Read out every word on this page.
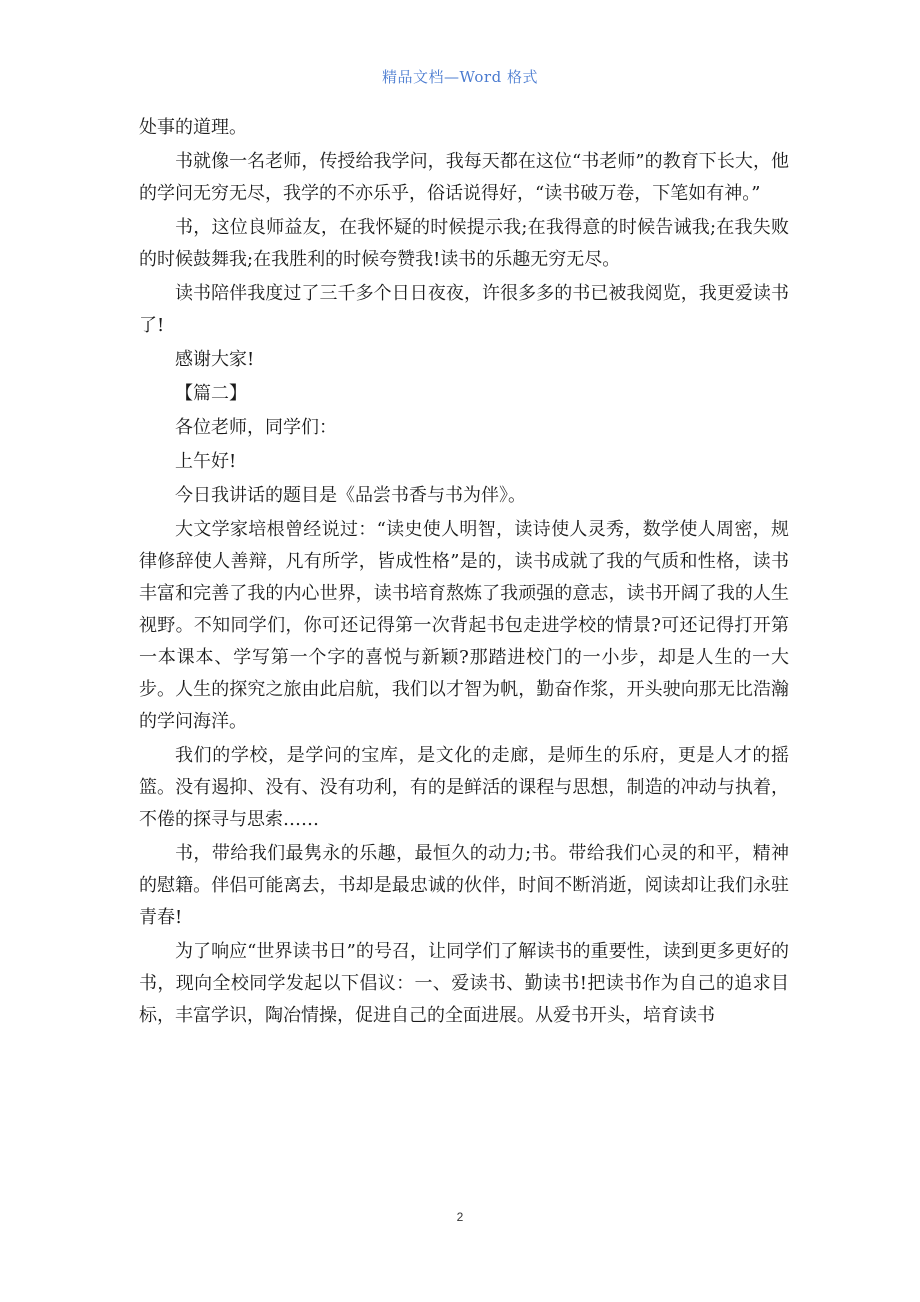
精品文档—Word 格式

处事的道理。

书就像一名老师，传授给我学问，我每天都在这位“书老师”的教育下长大，他的学问无穷无尽，我学的不亦乐乎，俗话说得好，“读书破万卷，下笔如有神。”

书，这位良师益友，在我怀疑的时候提示我;在我得意的时候告诫我;在我失败的时候鼓舞我;在我胜利的时候夸赞我!读书的乐趣无穷无尽。

读书陪伴我度过了三千多个日日夜夜，许很多多的书已被我阅览，我更爱读书了!

感谢大家!

【篇二】

各位老师，同学们：

上午好!

今日我讲话的题目是《品尝书香与书为伴》。

大文学家培根曾经说过：“读史使人明智，读诗使人灵秀，数学使人周密，规律修辞使人善辩，凡有所学，皆成性格”是的，读书成就了我的气质和性格，读书丰富和完善了我的内心世界，读书培育熬炼了我顽强的意志，读书开阔了我的人生视野。不知同学们，你可还记得第一次背起书包走进学校的情景?可还记得打开第一本课本、学写第一个字的喜悦与新颖?那踏进校门的一小步，却是人生的一大步。人生的探究之旅由此启航，我们以才智为帆，勤奋作浆，开头驶向那无比浩瀚的学问海洋。

我们的学校，是学问的宝库，是文化的走廊，是师生的乐府，更是人才的摇篮。没有遏抑、没有、没有功利，有的是鲜活的课程与思想，制造的冲动与执着，不倦的探寻与思索……

书，带给我们最隽永的乐趣，最恒久的动力;书。带给我们心灵的和平，精神的慰籍。伴侣可能离去，书却是最忠诚的伙伴，时间不断消逝，阅读却让我们永驻青春!

为了响应“世界读书日”的号召，让同学们了解读书的重要性，读到更多更好的书，现向全校同学发起以下倡议：一、爱读书、勤读书!把读书作为自己的追求目标，丰富学识，陶冶情操，促进自己的全面进展。从爱书开头，培育读书

2
